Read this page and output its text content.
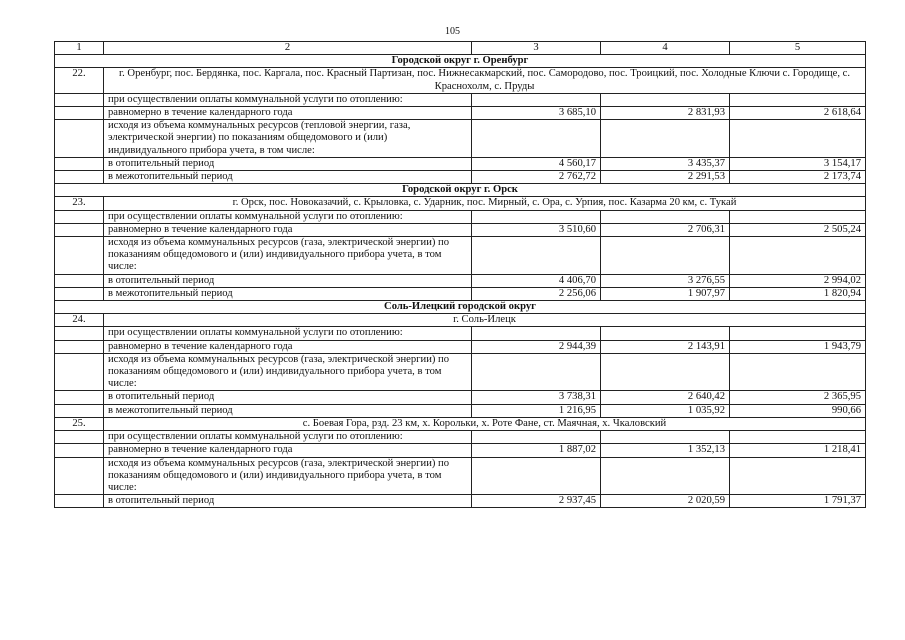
105
1	2	3	4	5
Городской округ г. Оренбург				
22.	г. Оренбург, пос. Бердянка, пос. Каргала, пос. Красный Партизан, пос. Нижнесакмарский, пос. Самородово, пос. Троицкий, пос. Холодные Ключи с. Городище, с. Краснохолм, с. Пруды			
	при осуществлении оплаты коммунальной услуги по отоплению:			
	равномерно в течение календарного года	3 685,10	2 831,93	2 618,64
	исходя из объема коммунальных ресурсов (тепловой энергии, газа, электрической энергии) по показаниям общедомового и (или) индивидуального прибора учета, в том числе:			
	в отопительный период	4 560,17	3 435,37	3 154,17
	в межотопительный период	2 762,72	2 291,53	2 173,74
Городской округ г. Орск				
23.	г. Орск, пос. Новоказачий, с. Крыловка, с. Ударник, пос. Мирный, с. Ора, с. Урпия, пос. Казарма 20 км, с. Тукай			
	при осуществлении оплаты коммунальной услуги по отоплению:			
	равномерно в течение календарного года	3 510,60	2 706,31	2 505,24
	исходя из объема коммунальных ресурсов (газа, электрической энергии) по показаниям общедомового и (или) индивидуального прибора учета, в том числе:			
	в отопительный период	4 406,70	3 276,55	2 994,02
	в межотопительный период	2 256,06	1 907,97	1 820,94
Соль-Илецкий городской округ				
24.	г. Соль-Илецк			
	при осуществлении оплаты коммунальной услуги по отоплению:			
	равномерно в течение календарного года	2 944,39	2 143,91	1 943,79
	исходя из объема коммунальных ресурсов (газа, электрической энергии) по показаниям общедомового и (или) индивидуального прибора учета, в том числе:			
	в отопительный период	3 738,31	2 640,42	2 365,95
	в межотопительный период	1 216,95	1 035,92	990,66
25.	с. Боевая Гора, рзд. 23 км, х. Корольки, х. Роте Фане, ст. Маячная, х. Чкаловский			
	при осуществлении оплаты коммунальной услуги по отоплению:			
	равномерно в течение календарного года	1 887,02	1 352,13	1 218,41
	исходя из объема коммунальных ресурсов (газа, электрической энергии) по показаниям общедомового и (или) индивидуального прибора учета, в том числе:			
	в отопительный период	2 937,45	2 020,59	1 791,37
